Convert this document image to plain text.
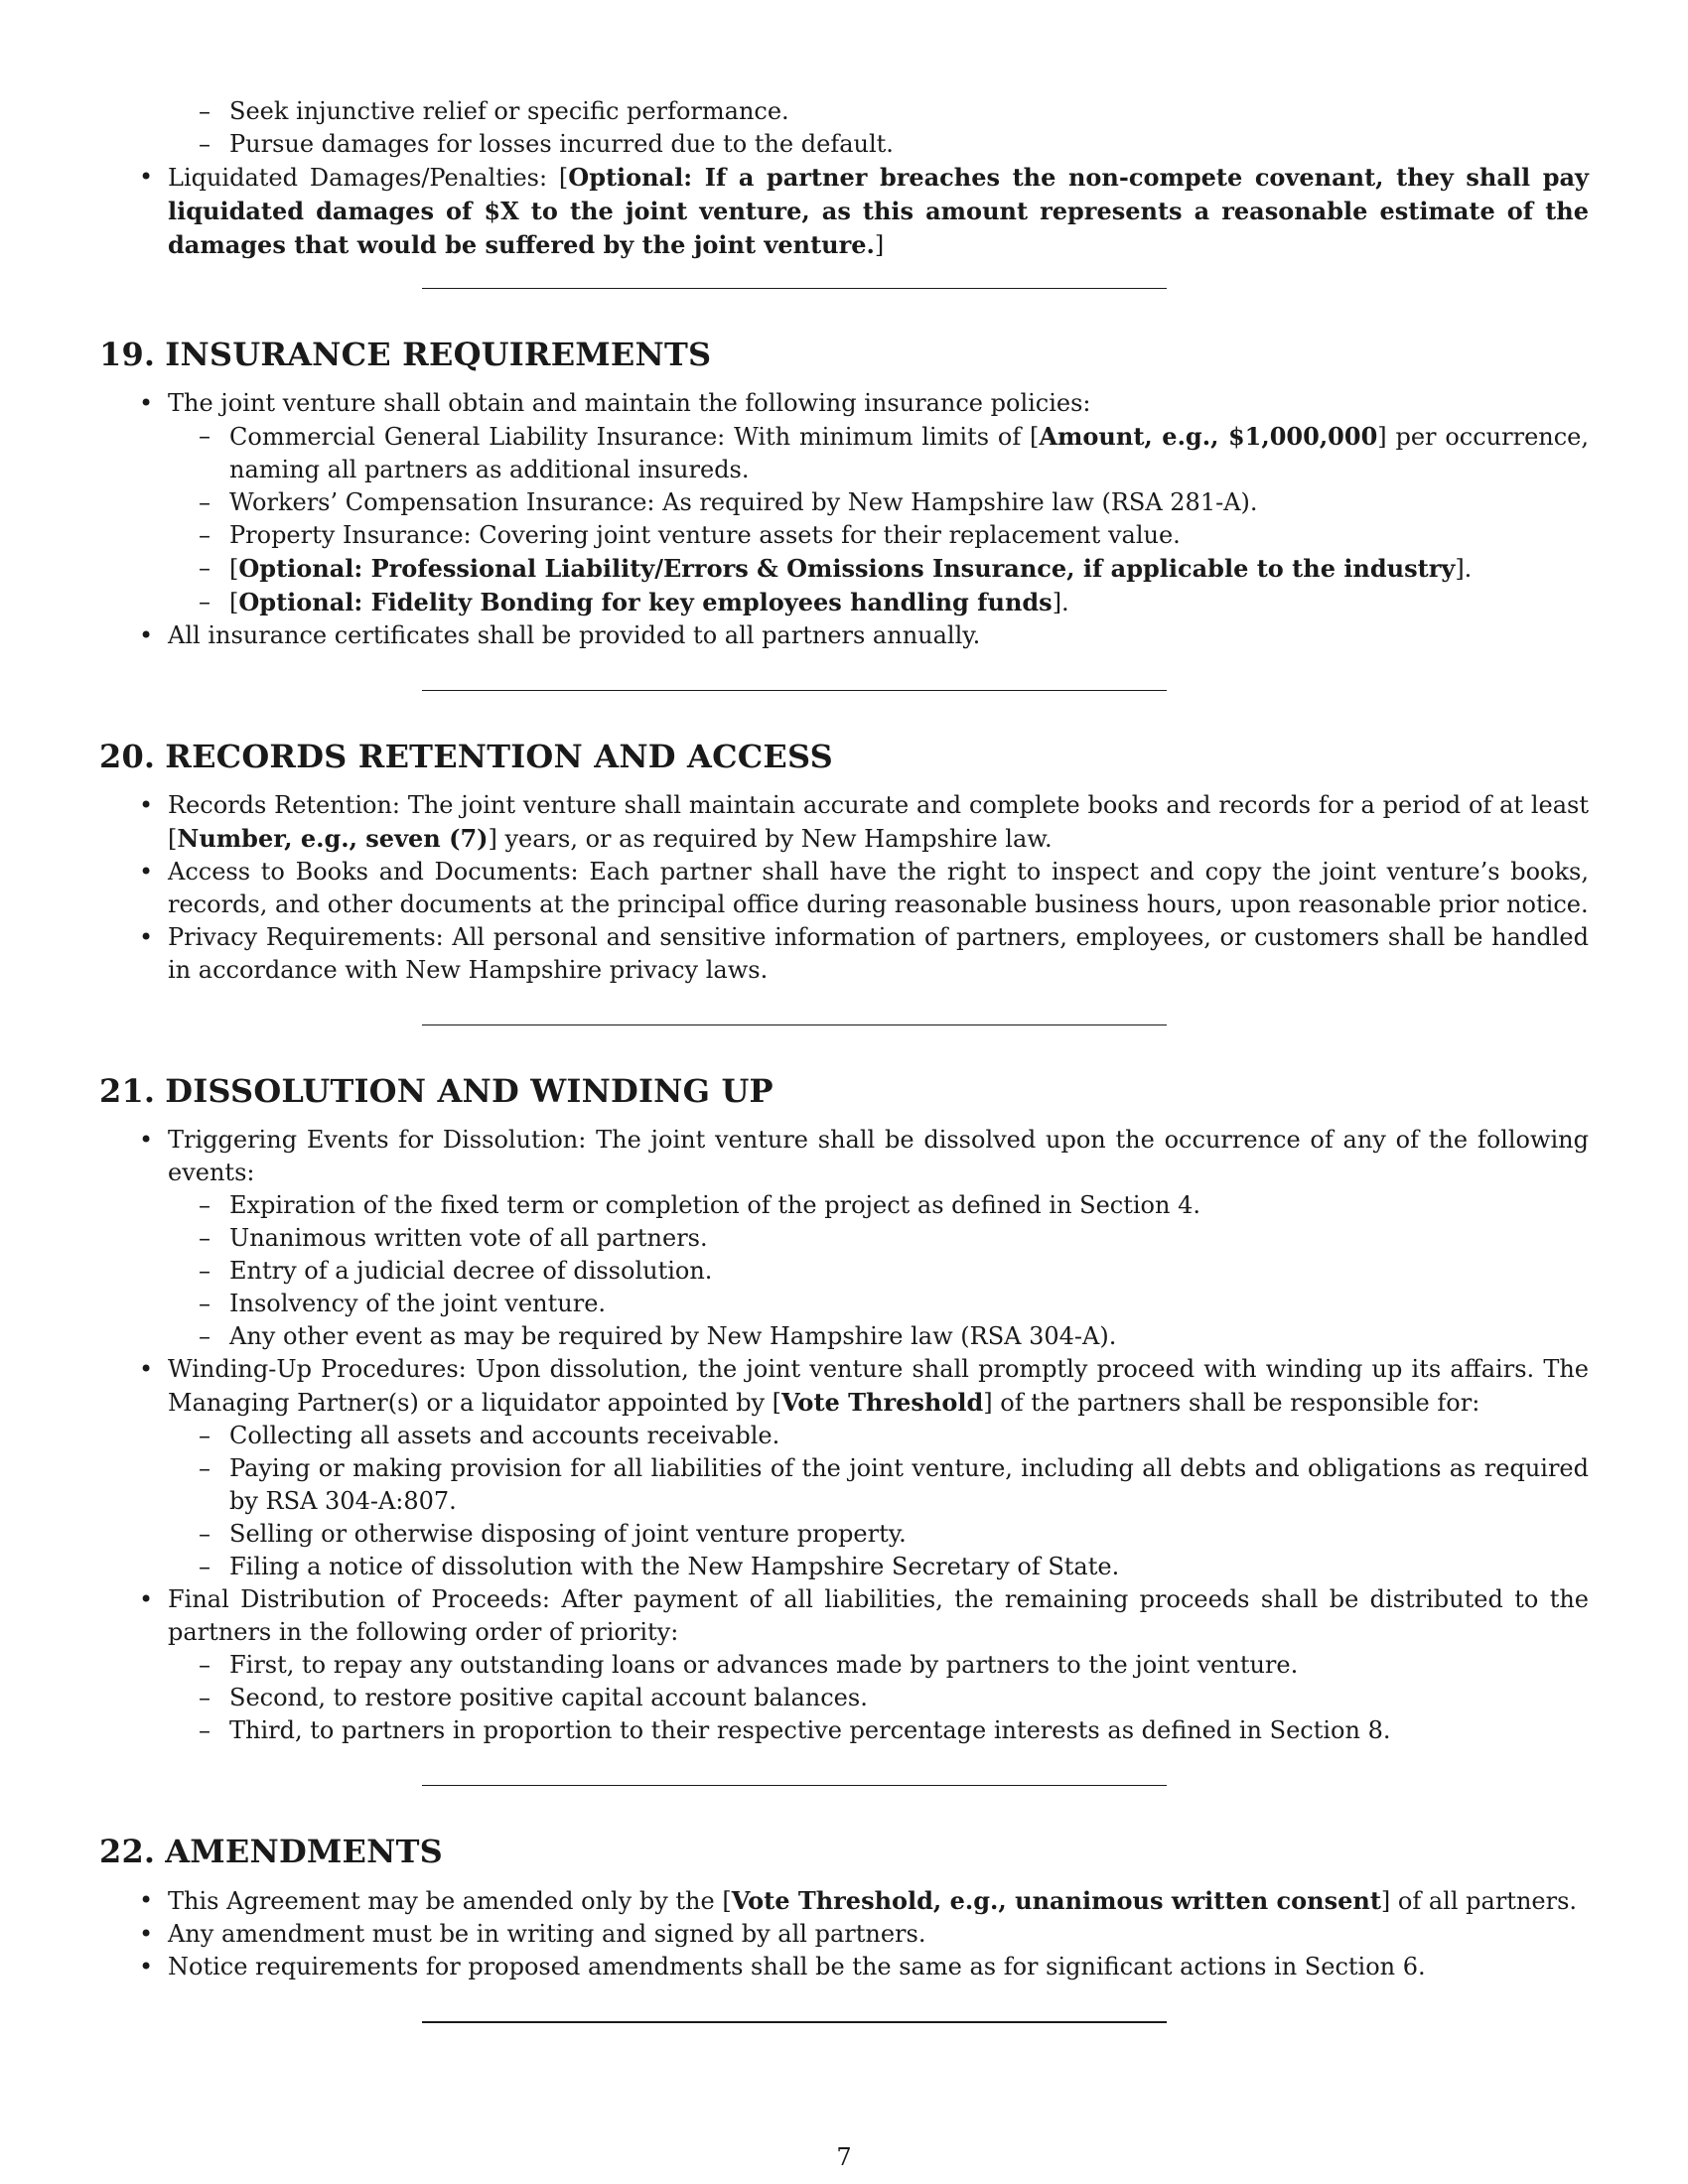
– Seek injunctive relief or specific performance.
– Pursue damages for losses incurred due to the default.

• Liquidated Damages/Penalties: [Optional: If a partner breaches the non-compete covenant, they shall pay liquidated damages of $X to the joint venture, as this amount represents a reasonable estimate of the damages that would be suffered by the joint venture.]

19. INSURANCE REQUIREMENTS
• The joint venture shall obtain and maintain the following insurance policies:

– Commercial General Liability Insurance: With minimum limits of [Amount, e.g., $1,000,000] per occurrence, naming all partners as additional insureds.

– Workers’ Compensation Insurance: As required by New Hampshire law (RSA 281-A).
– Property Insurance: Covering joint venture assets for their replacement value.
– [Optional: Professional Liability/Errors & Omissions Insurance, if applicable to the industry].
– [Optional: Fidelity Bonding for key employees handling funds].
• All insurance certificates shall be provided to all partners annually.
20. RECORDS RETENTION AND ACCESS

• Records Retention: The joint venture shall maintain accurate and complete books and records for a period of at least [Number, e.g., seven (7)] years, or as required by New Hampshire law.

• Access to Books and Documents: Each partner shall have the right to inspect and copy the joint venture’s books, records, and other documents at the principal office during reasonable business hours, upon reasonable prior notice.

• Privacy Requirements: All personal and sensitive information of partners, employees, or customers shall be handled in accordance with New Hampshire privacy laws.

21. DISSOLUTION AND WINDING UP

• Triggering Events for Dissolution: The joint venture shall be dissolved upon the occurrence of any of the following events:

– Expiration of the fixed term or completion of the project as defined in Section 4.
– Unanimous written vote of all partners.
– Entry of a judicial decree of dissolution.
– Insolvency of the joint venture.
– Any other event as may be required by New Hampshire law (RSA 304-A).

• Winding-Up Procedures: Upon dissolution, the joint venture shall promptly proceed with winding up its affairs. The Managing Partner(s) or a liquidator appointed by [Vote Threshold] of the partners shall be responsible for:

– Collecting all assets and accounts receivable.

– Paying or making provision for all liabilities of the joint venture, including all debts and obligations as required by RSA 304-A:807.

– Selling or otherwise disposing of joint venture property.
– Filing a notice of dissolution with the New Hampshire Secretary of State.

• Final Distribution of Proceeds: After payment of all liabilities, the remaining proceeds shall be distributed to the partners in the following order of priority:

– First, to repay any outstanding loans or advances made by partners to the joint venture.
– Second, to restore positive capital account balances.
– Third, to partners in proportion to their respective percentage interests as defined in Section 8.
22. AMENDMENTS
• This Agreement may be amended only by the [Vote Threshold, e.g., unanimous written consent] of all partners.
• Any amendment must be in writing and signed by all partners.
• Notice requirements for proposed amendments shall be the same as for significant actions in Section 6.
7
